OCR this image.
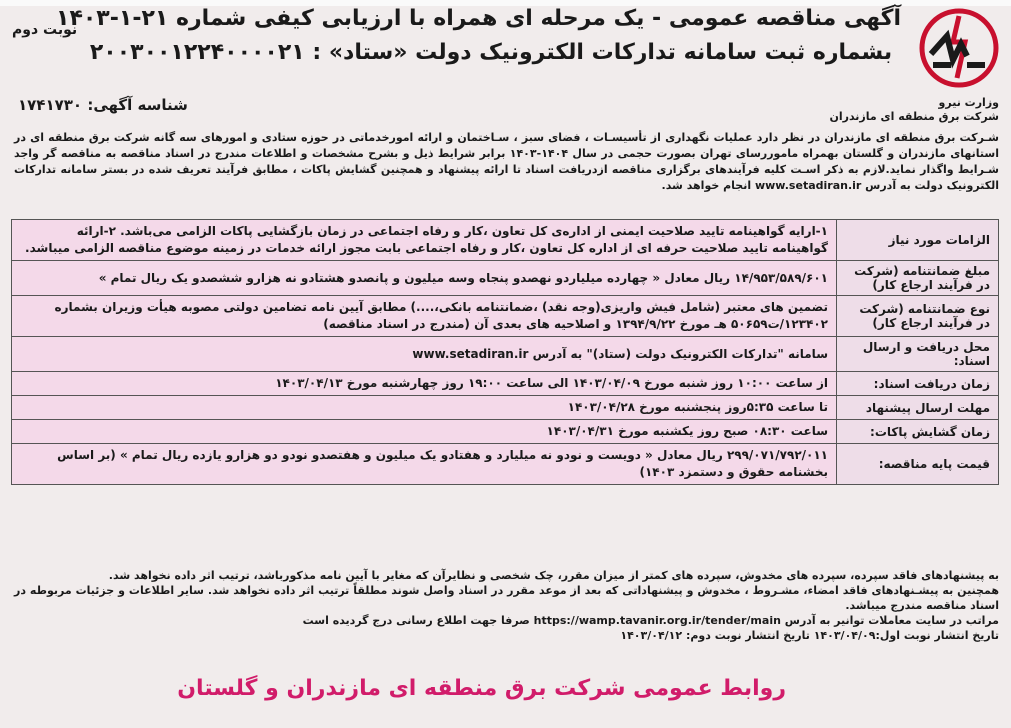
آگهی مناقصه عمومی - یک مرحله ای همراه با ارزیابی کیفی شماره ۲۱-۱-۱۴۰۳
بشماره ثبت سامانه تدارکات الکترونیک دولت «ستاد» : ۲۰۰۳۰۰۱۲۲۴۰۰۰۰۲۱
نوبت دوم
وزارت نیرو
شرکت برق منطقه ای مازندران
شناسه آگهی: ۱۷۴۱۷۳۰
شـرکت برق منطقه ای مازندران در نظر دارد عملیات نگهداری از تأسیسـات ، فضای سبز ، سـاختمان و ارائه امورخدماتی در حوزه ستادی و امورهای سه گانه شرکت برق منطقه ای در استانهای مازندران و گلستان بهمراه ماموررسای تهران بصورت حجمی در سال ۱۴۰۴-۱۴۰۳ برابر شرایط ذیل و بشرح مشخصات و اطلاعات مندرج در اسناد مناقصه به مناقصه گر واجد شـرایط واگذار نماید.لازم به ذکر اسـت کلیه فرآیندهای برگزاری مناقصه ازدریافت اسناد تا ارائه پیشنهاد و همچنین گشایش پاکات ، مطابق فرآیند تعریف شده در بستر سامانه تدارکات الکترونیک دولت به آدرس www.setadiran.ir انجام خواهد شد.
الزامات مورد نیاز	۱-ارایه گواهینامه تایید صلاحیت ایمنی از اداره‌ی کل تعاون ،کار و رفاه اجتماعی در زمان بازگشایی پاکات الزامی می‌باشد. ۲-ارائه گواهینامه تایید صلاحیت حرفه ای از اداره کل تعاون ،کار و رفاه اجتماعی بابت مجوز ارائه خدمات در زمینه موضوع مناقصه الزامی میباشد.
مبلغ ضمانتنامه (شرکت در فرآیند ارجاع کار)	۱۴/۹۵۳/۵۸۹/۶۰۱ ریال معادل « چهارده میلیاردو نهصدو پنجاه وسه میلیون و پانصدو هشتادو نه هزارو ششصدو یک ریال تمام »
نوع ضمانتنامه (شرکت در فرآیند ارجاع کار)	تضمین های معتبر (شامل فیش واریزی(وجه نقد) ،ضمانتنامه بانکی،....) مطابق آیین نامه تضامین دولتی مصوبه هیأت وزیران بشماره ۱۲۳۴۰۲/ت۵۰۶۵۹ هـ مورخ ۱۳۹۴/۹/۲۲ و اصلاحیه های بعدی آن (مندرج در اسناد مناقصه)
محل دریافت و ارسال اسناد:	سامانه "تدارکات الکترونیک دولت (ستاد)" به آدرس www.setadiran.ir
زمان دریافت اسناد:	از ساعت ۱۰:۰۰ روز شنبه مورخ ۱۴۰۳/۰۴/۰۹ الی ساعت ۱۹:۰۰ روز چهارشنبه مورخ ۱۴۰۳/۰۴/۱۳
مهلت ارسال پیشنهاد	تا ساعت ۵:۳۵روز پنجشنبه مورخ ۱۴۰۳/۰۴/۲۸
زمان گشایش پاکات:	ساعت ۰۸:۳۰ صبح روز یکشنبه مورخ ۱۴۰۳/۰۴/۳۱
قیمت پایه مناقصه:	۲۹۹/۰۷۱/۷۹۲/۰۱۱ ریال معادل « دویست و نودو نه میلیارد و هفتادو یک میلیون و هفتصدو نودو دو هزارو یازده ریال تمام » (بر اساس بخشنامه حقوق و دستمزد ۱۴۰۳)
به پیشنهادهای فاقد سپرده، سپرده های مخدوش، سپرده های کمتر از میزان مقرر، چک شخصی و نظایرآن که مغایر با آیین نامه مذکورباشد، ترتیب اثر داده نخواهد شد.
همچنین به پیشـنهادهای فاقد امضاء، مشـروط ، مخدوش و پیشنهاداتی که بعد از موعد مقرر در اسناد واصل شوند مطلقاً ترتیب اثر داده نخواهد شد. سایر اطلاعات و جزئیات مربوطه در اسناد مناقصه مندرج میباشد.
مراتب در سایت معاملات توانیر به آدرس https://wamp.tavanir.org.ir/tender/main صرفا جهت اطلاع رسانی درج گردیده است
تاریخ انتشار نوبت اول:۱۴۰۳/۰۴/۰۹ تاریخ انتشار نوبت دوم: ۱۴۰۳/۰۴/۱۲
روابط عمومی شرکت برق منطقه ای مازندران و گلستان
